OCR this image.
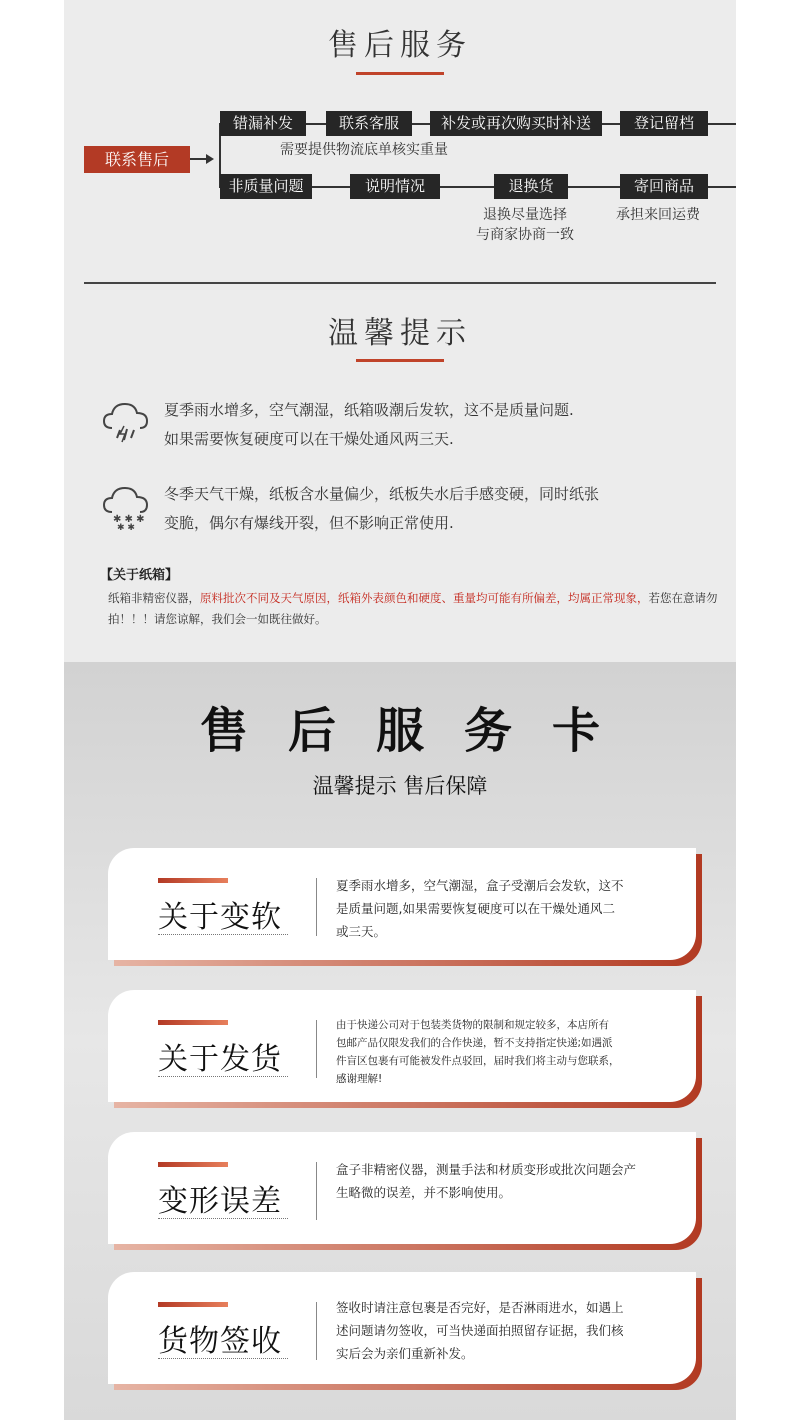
售后服务
联系售后
错漏补发	联系客服	补发或再次购买时补送	登记留档
需要提供物流底单核实重量
非质量问题	说明情况	退换货	寄回商品
退换尽量选择
与商家协商一致
承担来回运费
温馨提示
夏季雨水增多，空气潮湿，纸箱吸潮后发软，这不是质量问题.
如果需要恢复硬度可以在干燥处通风两三天.
✱ ✱ ✱
✱ ✱
冬季天气干燥，纸板含水量偏少，纸板失水后手感变硬，同时纸张
变脆，偶尔有爆线开裂，但不影响正常使用.
【关于纸箱】
纸箱非精密仪器，原料批次不同及天气原因，纸箱外表颜色和硬度、重量均可能有所偏差，均属正常现象，若您在意请勿拍！！！请您谅解，我们会一如既往做好。
售后服务卡
温馨提示 售后保障
关于变软
夏季雨水增多，空气潮湿，盒子受潮后会发软，这不
是质量问题,如果需要恢复硬度可以在干燥处通风二
或三天。
关于发货
由于快递公司对于包装类货物的限制和规定较多，本店所有
包邮产品仅限发我们的合作快递，暂不支持指定快递;如遇派
件盲区包裹有可能被发件点驳回，届时我们将主动与您联系，
感谢理解!
变形误差
盒子非精密仪器，测量手法和材质变形或批次问题会产
生略微的误差，并不影响使用。
货物签收
签收时请注意包裹是否完好，是否淋雨进水，如遇上
述问题请勿签收，可当快递面拍照留存证据，我们核
实后会为亲们重新补发。
